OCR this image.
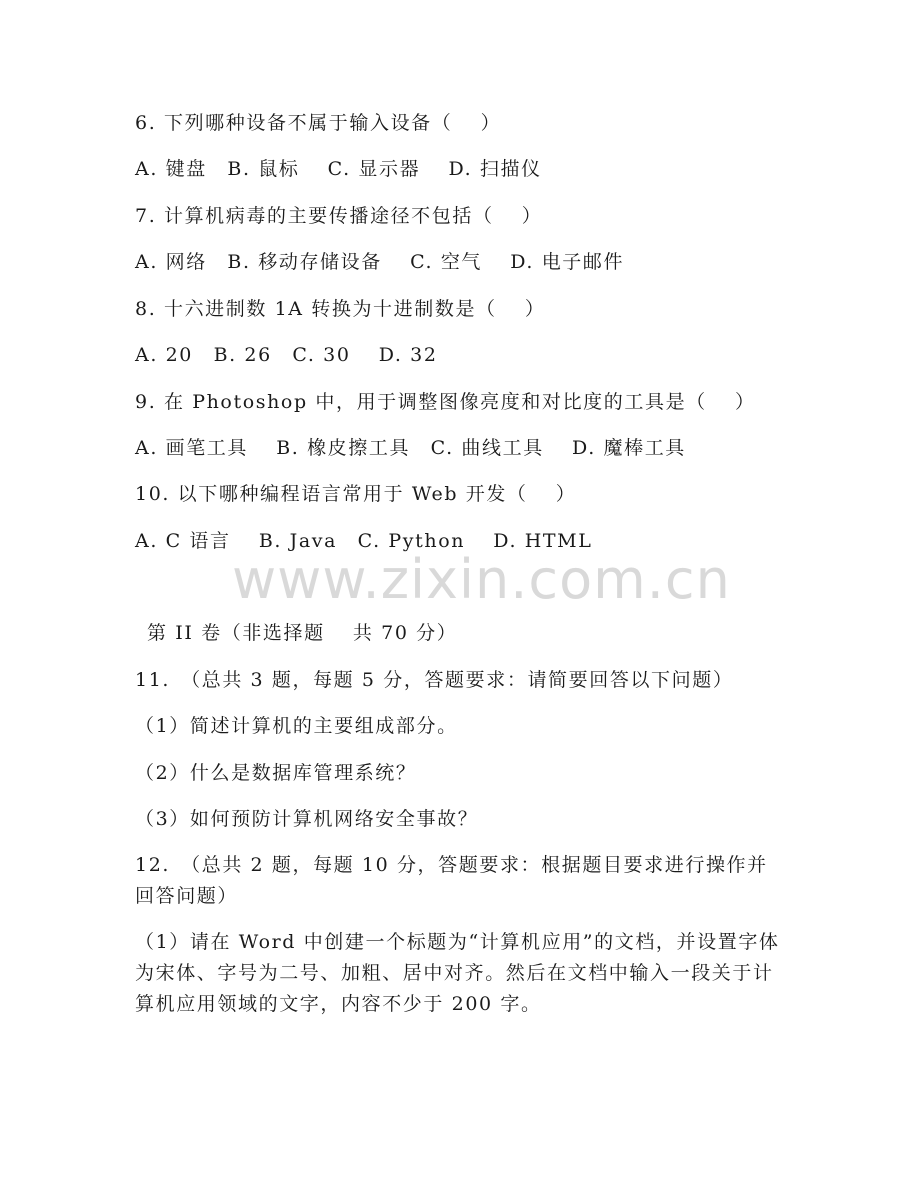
6. 下列哪种设备不属于输入设备（　 ）
A. 键盘　B. 鼠标　 C. 显示器　 D. 扫描仪
7. 计算机病毒的主要传播途径不包括（　 ）
A. 网络　B. 移动存储设备　 C. 空气　 D. 电子邮件
8. 十六进制数 1A 转换为十进制数是（　 ）
A. 20　B. 26　C. 30　 D. 32
9. 在 Photoshop 中，用于调整图像亮度和对比度的工具是（　 ）
A. 画笔工具　 B. 橡皮擦工具　C. 曲线工具　 D. 魔棒工具
10. 以下哪种编程语言常用于 Web 开发（　 ）
A. C 语言　 B. Java　C. Python　 D. HTML
www.zixin.com.cn
第 II 卷（非选择题　 共 70 分）
11.　（总共 3 题，每题 5 分，答题要求：请简要回答以下问题）
（1）简述计算机的主要组成部分。
（2）什么是数据库管理系统？
（3）如何预防计算机网络安全事故？
12.　（总共 2 题，每题 10 分，答题要求：根据题目要求进行操作并回答问题）
（1）请在 Word 中创建一个标题为“计算机应用”的文档，并设置字体为宋体、字号为二号、加粗、居中对齐。然后在文档中输入一段关于计算机应用领域的文字，内容不少于 200 字。
